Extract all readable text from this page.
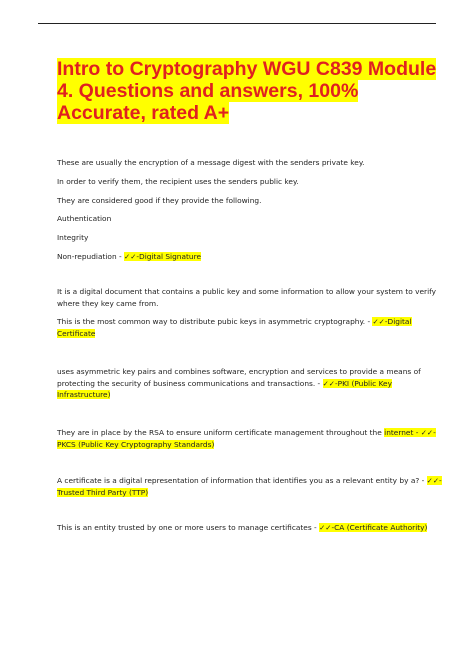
Intro to Cryptography WGU C839 Module
4. Questions and answers, 100%
Accurate, rated A+

These are usually the encryption of a message digest with the senders private key.

In order to verify them, the recipient uses the senders public key.

They are considered good if they provide the following.

Authentication

Integrity

Non-repudiation - ✓✓-Digital Signature

It is a digital document that contains a public key and some information to allow your system to verify

where they key came from.

This is the most common way to distribute pubic keys in asymmetric cryptography. - ✓✓-Digital

Certificate

uses asymmetric key pairs and combines software, encryption and services to provide a means of

protecting the security of business communications and transactions. - ✓✓-PKI (Public Key

Infrastructure)

They are in place by the RSA to ensure uniform certificate management throughout the internet - ✓✓-

PKCS (Public Key Cryptography Standards)

A certificate is a digital representation of information that identifies you as a relevant entity by a? - ✓✓-

Trusted Third Party (TTP)

This is an entity trusted by one or more users to manage certificates - ✓✓-CA (Certificate Authority)
